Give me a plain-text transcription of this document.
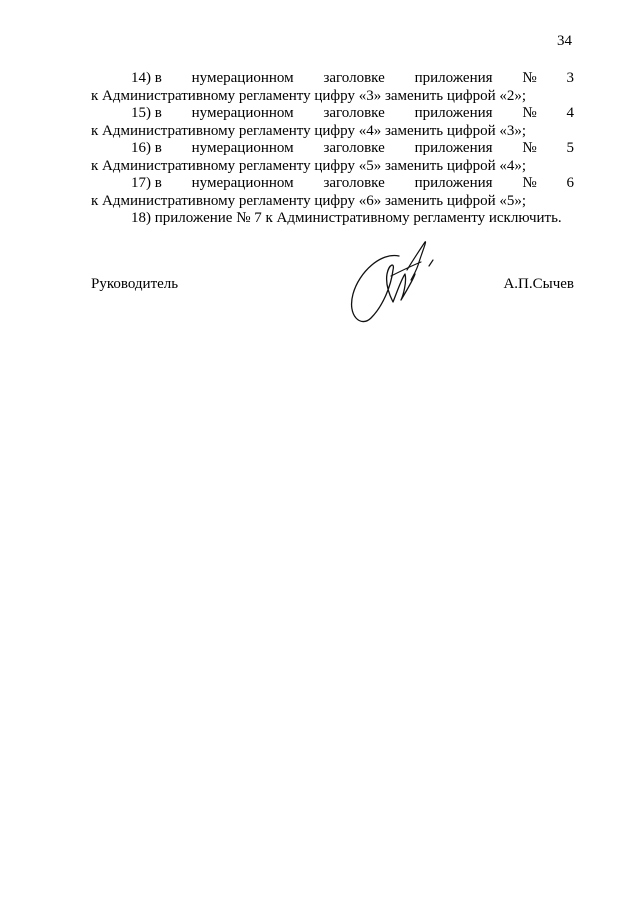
34
14) в нумерационном заголовке приложения № 3
к Административному регламенту цифру «3» заменить цифрой «2»;
15) в нумерационном заголовке приложения № 4
к Административному регламенту цифру «4» заменить цифрой «3»;
16) в нумерационном заголовке приложения № 5
к Административному регламенту цифру «5» заменить цифрой «4»;
17) в нумерационном заголовке приложения № 6
к Административному регламенту цифру «6» заменить цифрой «5»;
18) приложение № 7 к Административному регламенту исключить.
Руководитель	А.П.Сычев
